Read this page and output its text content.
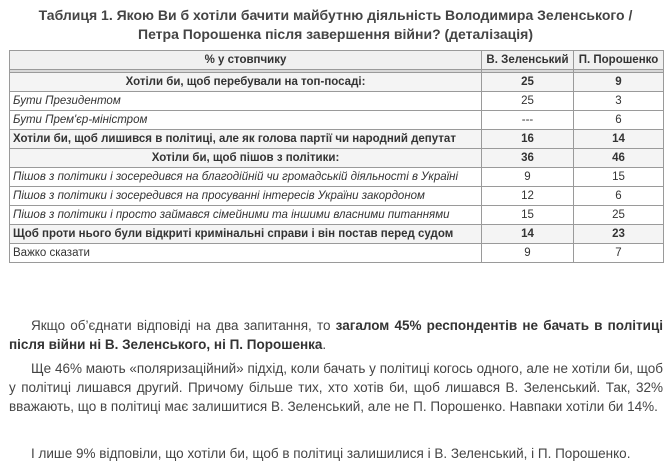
Таблиця 1. Якою Ви б хотіли бачити майбутню діяльність Володимира Зеленського /
Петра Порошенка після завершення війни? (деталізація)
% у стовпчику	В. Зеленський	П. Порошенко

Хотіли би, щоб перебували на топ-посаді:	25	9
Бути Президентом	25	3
Бути Прем'єр-міністром	---	6
Хотіли би, щоб лишився в політиці, але як голова партії чи народний депутат	16	14
Хотіли би, щоб пішов з політики:	36	46
Пішов з політики і зосередився на благодійній чи громадській діяльності в Україні	9	15
Пішов з політики і зосередився на просуванні інтересів України закордоном	12	6
Пішов з політики і просто займався сімейними та іншими власними питаннями	15	25
Щоб проти нього були відкриті кримінальні справи і він постав перед судом	14	23
Важко сказати	9	7

Якщо об’єднати відповіді на два запитання, то загалом 45% респондентів не бачать в політиці після війни ні В. Зеленського, ні П. Порошенка.

Ще 46% мають «поляризаційний» підхід, коли бачать у політиці когось одного, але не хотіли би, щоб у політиці лишався другий. Причому більше тих, хто хотів би, щоб лишався В. Зеленський. Так, 32% вважають, що в політиці має залишитися В. Зеленський, але не П. Порошенко. Навпаки хотіли би 14%.

І лише 9% відповіли, що хотіли би, щоб в політиці залишилися і В. Зеленський, і П. Порошенко.
